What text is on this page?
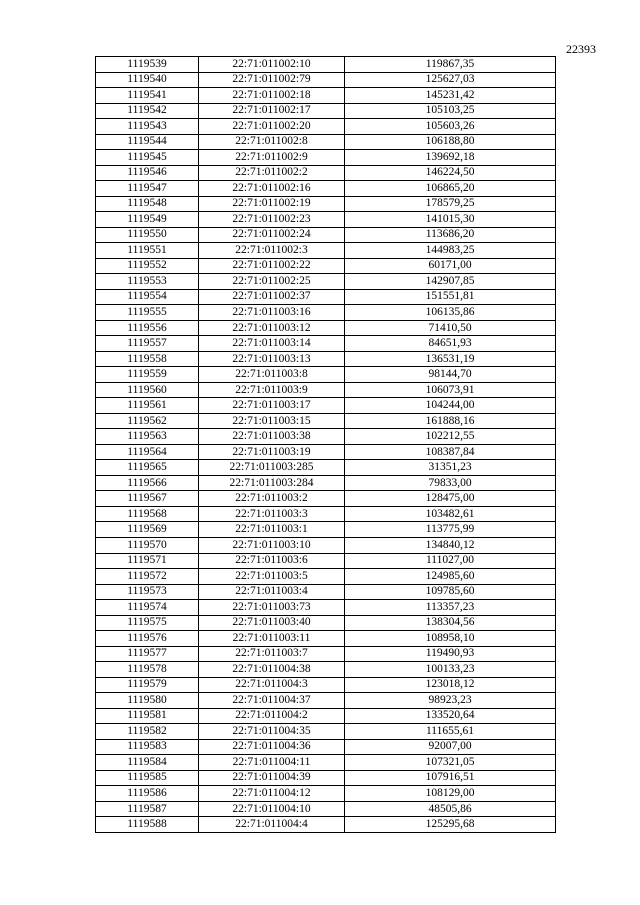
22393
1119539	22:71:011002:10	119867,35
1119540	22:71:011002:79	125627,03
1119541	22:71:011002:18	145231,42
1119542	22:71:011002:17	105103,25
1119543	22:71:011002:20	105603,26
1119544	22:71:011002:8	106188,80
1119545	22:71:011002:9	139692,18
1119546	22:71:011002:2	146224,50
1119547	22:71:011002:16	106865,20
1119548	22:71:011002:19	178579,25
1119549	22:71:011002:23	141015,30
1119550	22:71:011002:24	113686,20
1119551	22:71:011002:3	144983,25
1119552	22:71:011002:22	60171,00
1119553	22:71:011002:25	142907,85
1119554	22:71:011002:37	151551,81
1119555	22:71:011003:16	106135,86
1119556	22:71:011003:12	71410,50
1119557	22:71:011003:14	84651,93
1119558	22:71:011003:13	136531,19
1119559	22:71:011003:8	98144,70
1119560	22:71:011003:9	106073,91
1119561	22:71:011003:17	104244,00
1119562	22:71:011003:15	161888,16
1119563	22:71:011003:38	102212,55
1119564	22:71:011003:19	108387,84
1119565	22:71:011003:285	31351,23
1119566	22:71:011003:284	79833,00
1119567	22:71:011003:2	128475,00
1119568	22:71:011003:3	103482,61
1119569	22:71:011003:1	113775,99
1119570	22:71:011003:10	134840,12
1119571	22:71:011003:6	111027,00
1119572	22:71:011003:5	124985,60
1119573	22:71:011003:4	109785,60
1119574	22:71:011003:73	113357,23
1119575	22:71:011003:40	138304,56
1119576	22:71:011003:11	108958,10
1119577	22:71:011003:7	119490,93
1119578	22:71:011004:38	100133,23
1119579	22:71:011004:3	123018,12
1119580	22:71:011004:37	98923,23
1119581	22:71:011004:2	133520,64
1119582	22:71:011004:35	111655,61
1119583	22:71:011004:36	92007,00
1119584	22:71:011004:11	107321,05
1119585	22:71:011004:39	107916,51
1119586	22:71:011004:12	108129,00
1119587	22:71:011004:10	48505,86
1119588	22:71:011004:4	125295,68
